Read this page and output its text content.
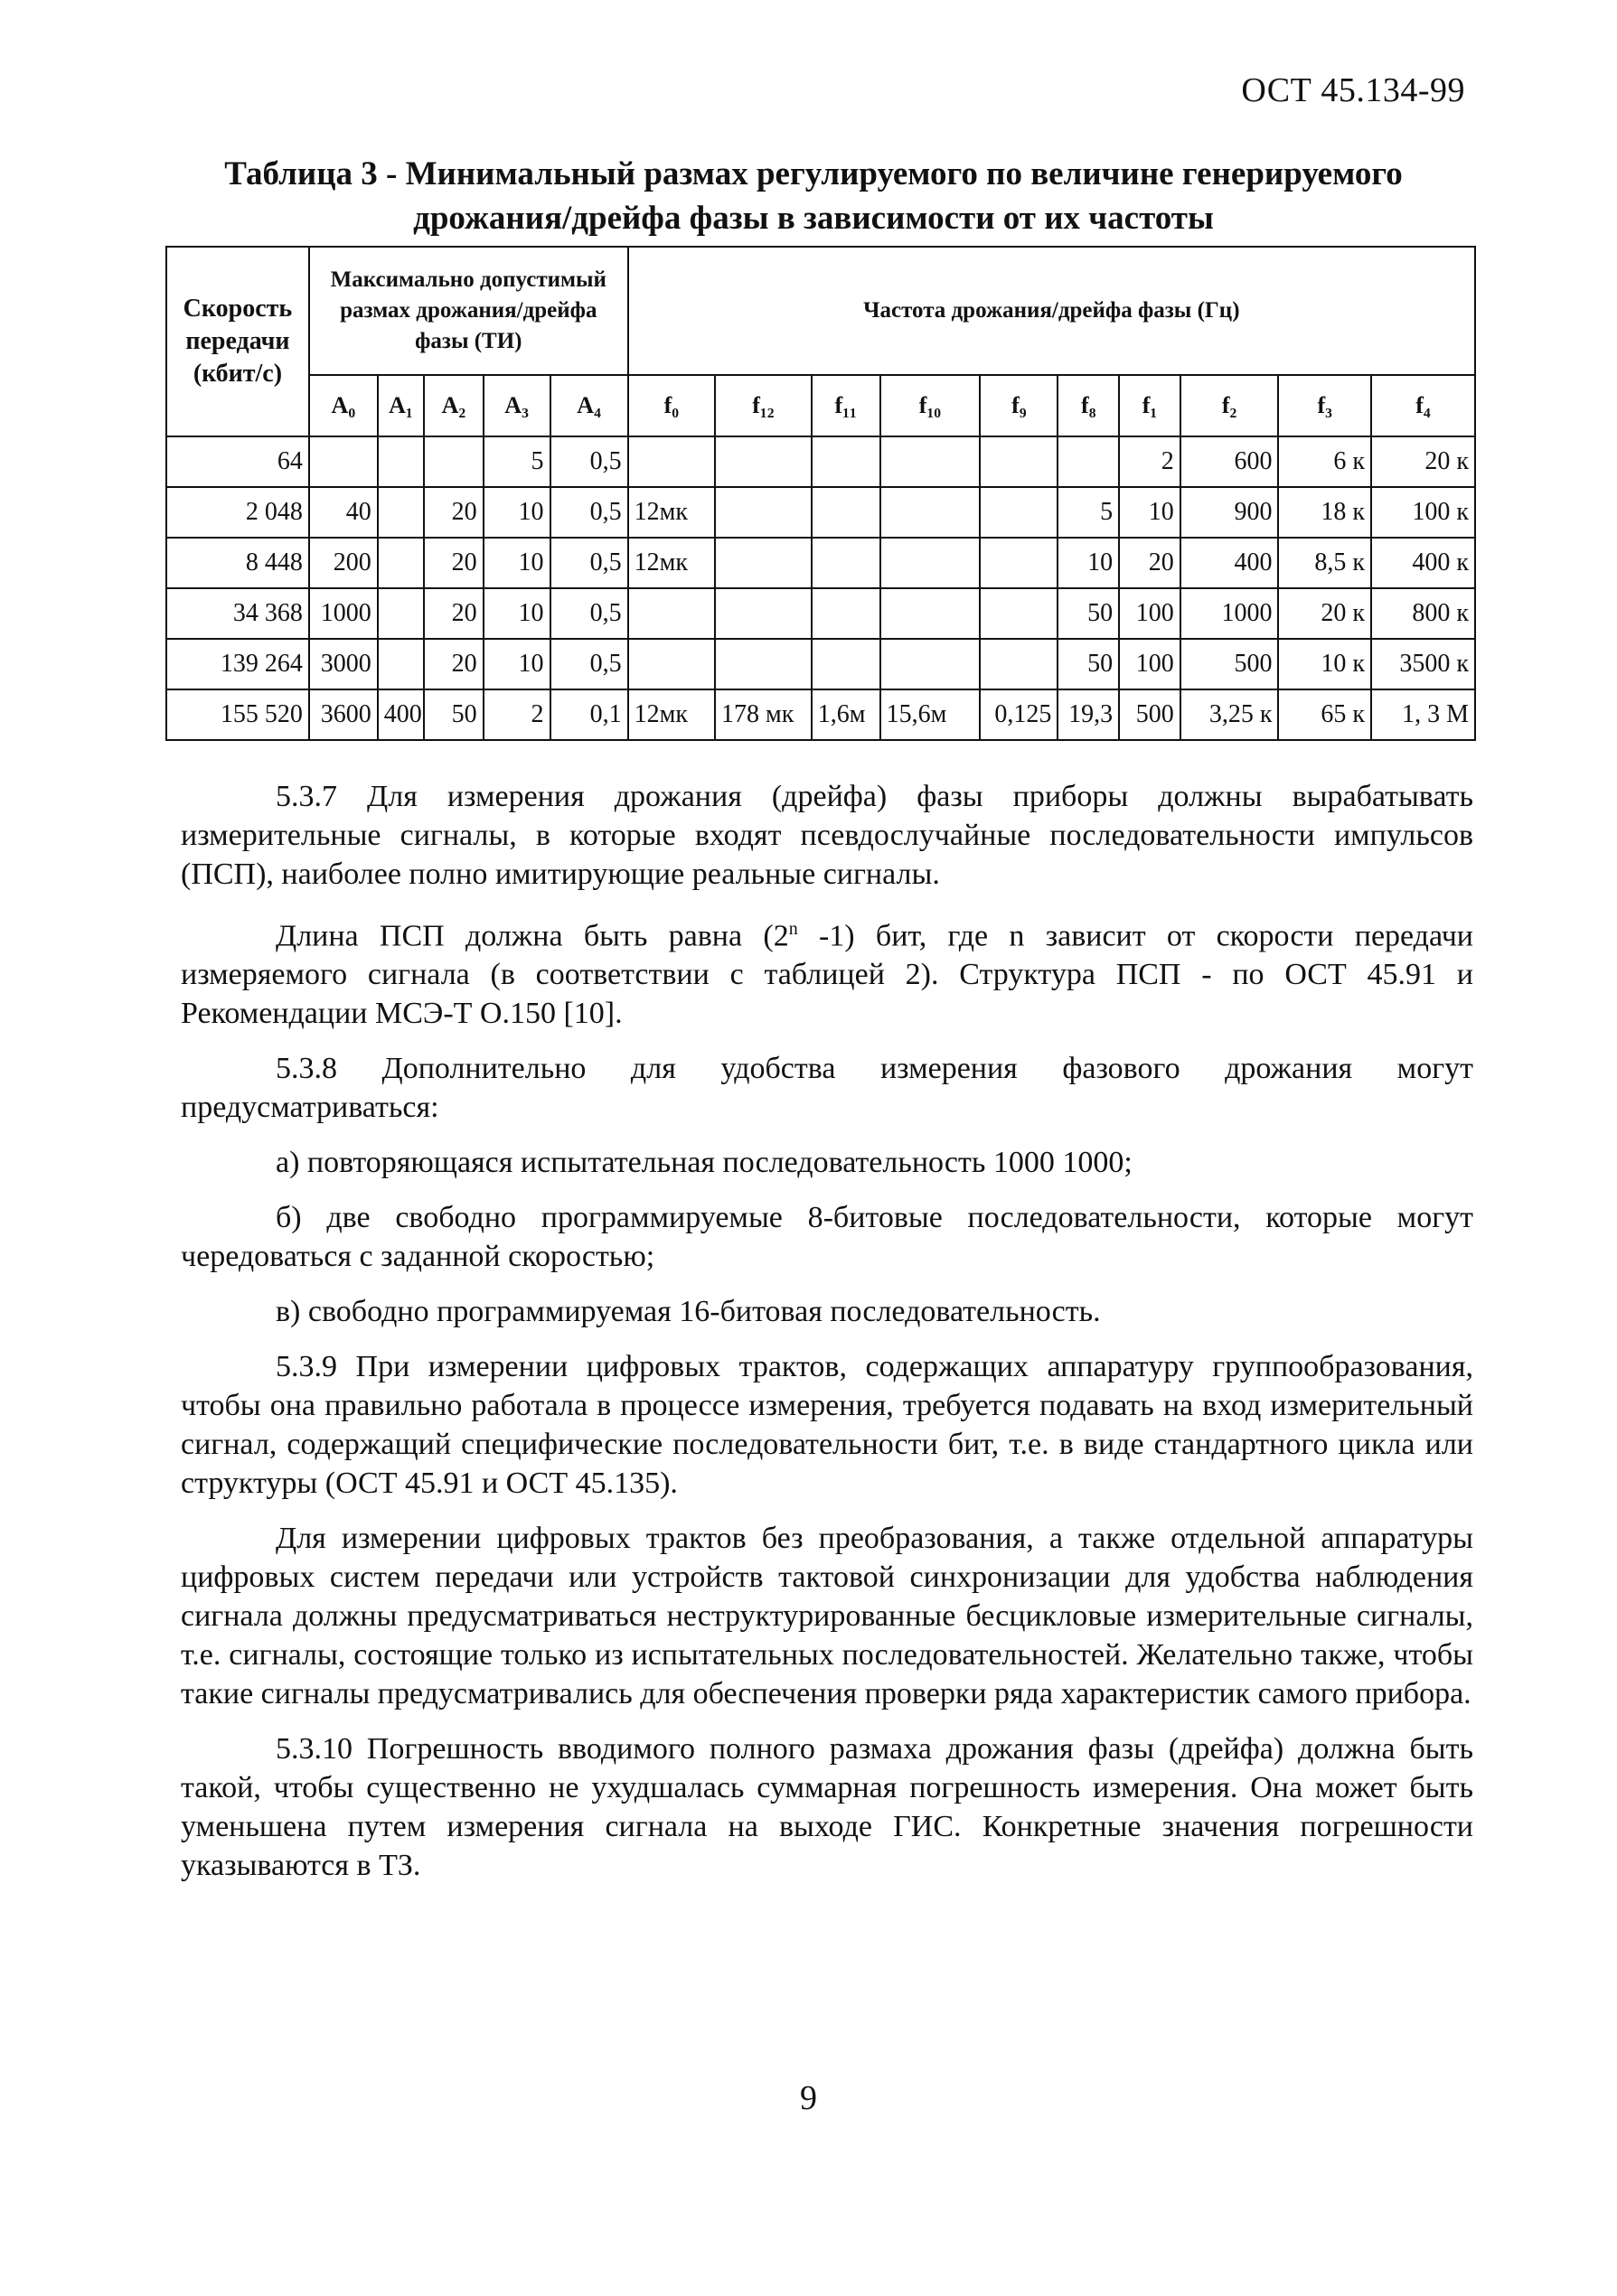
ОСТ 45.134-99
Таблица 3 - Минимальный размах регулируемого по величине генерируемого
дрожания/дрейфа фазы в зависимости от их частоты
Скорость передачи (кбит/с)	Максимально допустимый размах дрожания/дрейфа фазы (ТИ)					Частота дрожания/дрейфа фазы (Гц)									
	A₀	A₁	A₂	A₃	A₄	f₀	f₁₂	f₁₁	f₁₀	f₉	f₈	f₁	f₂	f₃	f₄
64				5	0,5							2	600	6 к	20 к
2 048	40		20	10	0,5	12мк					5	10	900	18 к	100 к
8 448	200		20	10	0,5	12мк					10	20	400	8,5 к	400 к
34 368	1000		20	10	0,5						50	100	1000	20 к	800 к
139 264	3000		20	10	0,5						50	100	500	10 к	3500 к
155 520	3600	400	50	2	0,1	12мк	178 мк	1,6м	15,6м	0,125	19,3	500	3,25 к	65 к	1, 3 М

5.3.7 Для измерения дрожания (дрейфа) фазы приборы должны вырабатывать измерительные сигналы, в которые входят псевдослучайные последовательности импульсов (ПСП), наиболее полно имитирующие реальные сигналы.

Длина ПСП должна быть равна (2$^n$ -1) бит, где n зависит от скорости передачи измеряемого сигнала (в соответствии с таблицей 2). Структура ПСП - по ОСТ 45.91 и Рекомендации МСЭ-Т О.150 [10].

5.3.8 Дополнительно для удобства измерения фазового дрожания могут предусматриваться:

а) повторяющаяся испытательная последовательность 1000 1000;

б) две свободно программируемые 8-битовые последовательности, которые могут чередоваться с заданной скоростью;

в) свободно программируемая 16-битовая последовательность.

5.3.9 При измерении цифровых трактов, содержащих аппаратуру группообразования, чтобы она правильно работала в процессе измерения, требуется подавать на вход измерительный сигнал, содержащий специфические последовательности бит, т.е. в виде стандартного цикла или структуры (ОСТ 45.91 и ОСТ 45.135).

Для измерении цифровых трактов без преобразования, а также отдельной аппаратуры цифровых систем передачи или устройств тактовой синхронизации для удобства наблюдения сигнала должны предусматриваться неструктурированные бесцикловые измерительные сигналы, т.е. сигналы, состоящие только из испытательных последовательностей. Желательно также, чтобы такие сигналы предусматривались для обеспечения проверки ряда характеристик самого прибора.

5.3.10 Погрешность вводимого полного размаха дрожания фазы (дрейфа) должна быть такой, чтобы существенно не ухудшалась суммарная погрешность измерения. Она может быть уменьшена путем измерения сигнала на выходе ГИС. Конкретные значения погрешности указываются в ТЗ.

9
